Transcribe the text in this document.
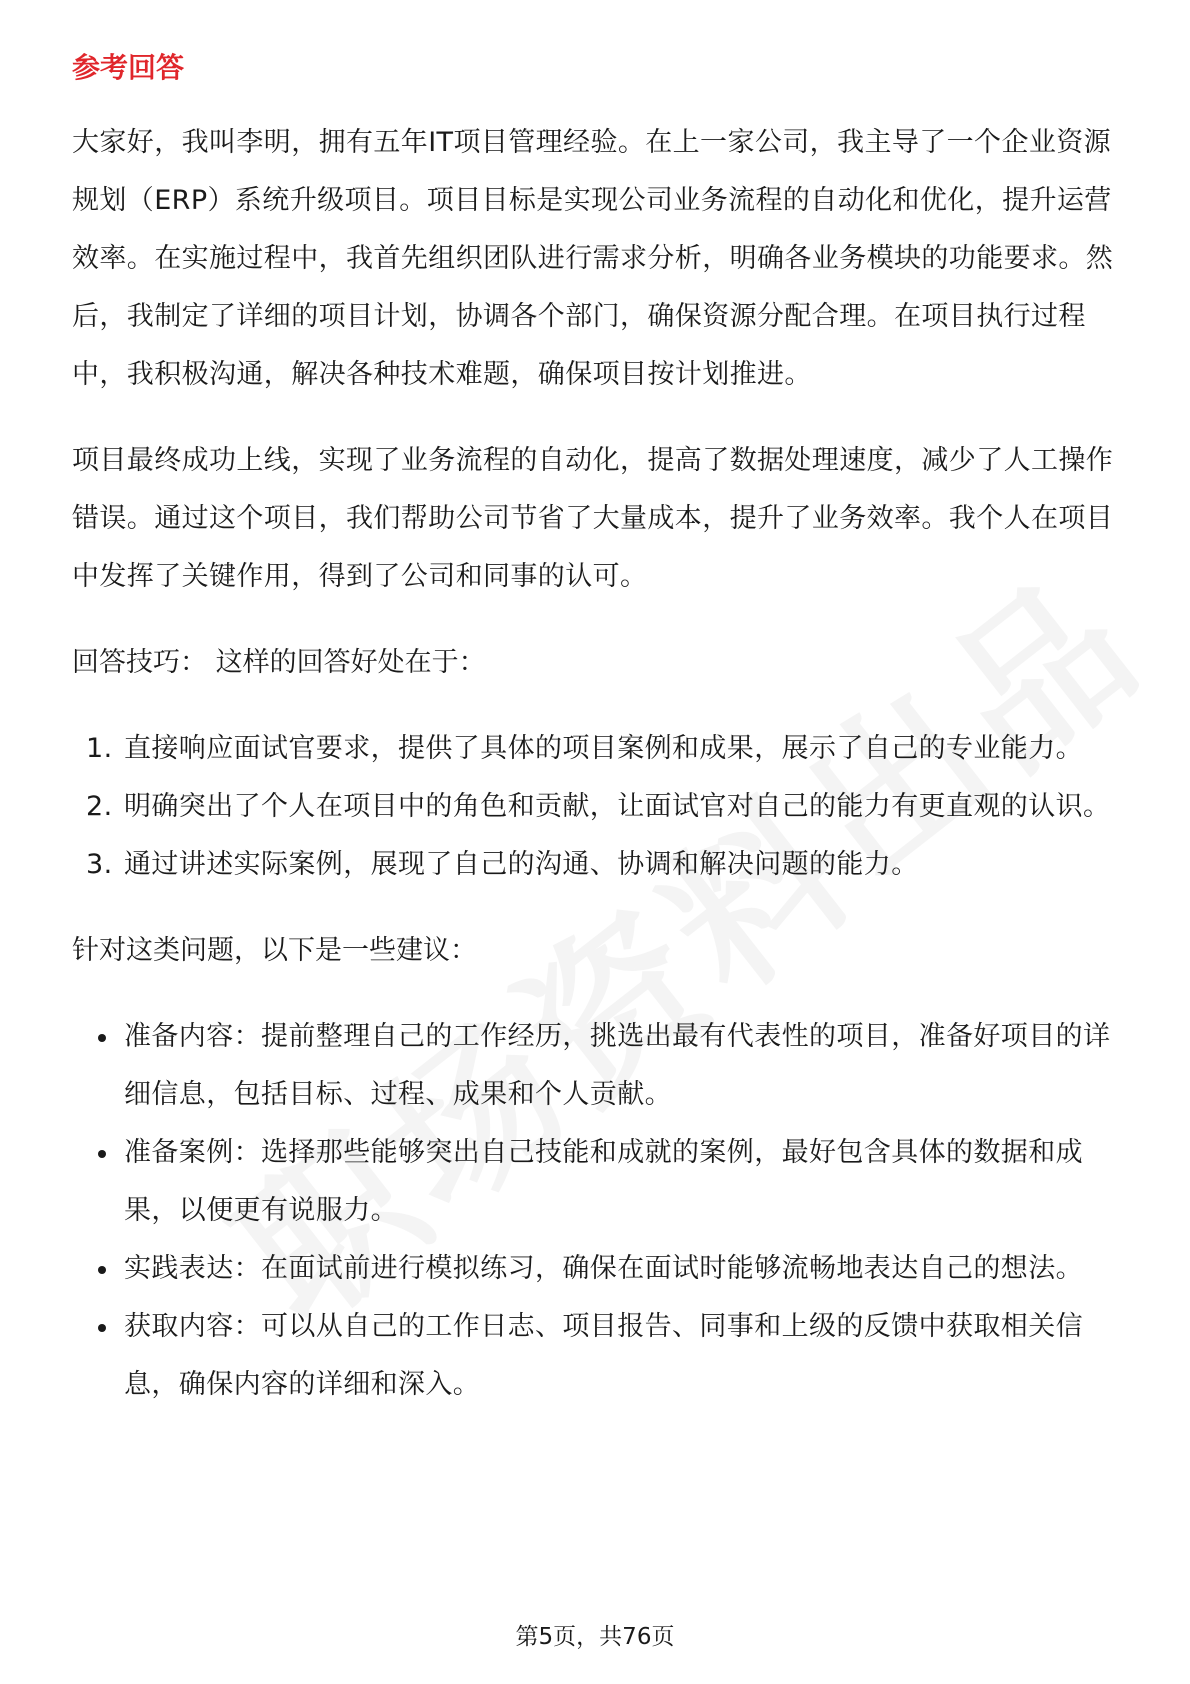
参考回答

大家好，我叫李明，拥有五年IT项目管理经验。在上一家公司，我主导了一个企业资源规划（ERP）系统升级项目。项目目标是实现公司业务流程的自动化和优化，提升运营效率。在实施过程中，我首先组织团队进行需求分析，明确各业务模块的功能要求。然后，我制定了详细的项目计划，协调各个部门，确保资源分配合理。在项目执行过程中，我积极沟通，解决各种技术难题，确保项目按计划推进。

项目最终成功上线，实现了业务流程的自动化，提高了数据处理速度，减少了人工操作错误。通过这个项目，我们帮助公司节省了大量成本，提升了业务效率。我个人在项目中发挥了关键作用，得到了公司和同事的认可。

回答技巧： 这样的回答好处在于：

1. 直接响应面试官要求，提供了具体的项目案例和成果，展示了自己的专业能力。
2. 明确突出了个人在项目中的角色和贡献，让面试官对自己的能力有更直观的认识。
3. 通过讲述实际案例，展现了自己的沟通、协调和解决问题的能力。

针对这类问题，以下是一些建议：

准备内容：提前整理自己的工作经历，挑选出最有代表性的项目，准备好项目的详细信息，包括目标、过程、成果和个人贡献。
准备案例：选择那些能够突出自己技能和成就的案例，最好包含具体的数据和成果，以便更有说服力。
实践表达：在面试前进行模拟练习，确保在面试时能够流畅地表达自己的想法。
获取内容：可以从自己的工作日志、项目报告、同事和上级的反馈中获取相关信息，确保内容的详细和深入。
第5页，共76页
